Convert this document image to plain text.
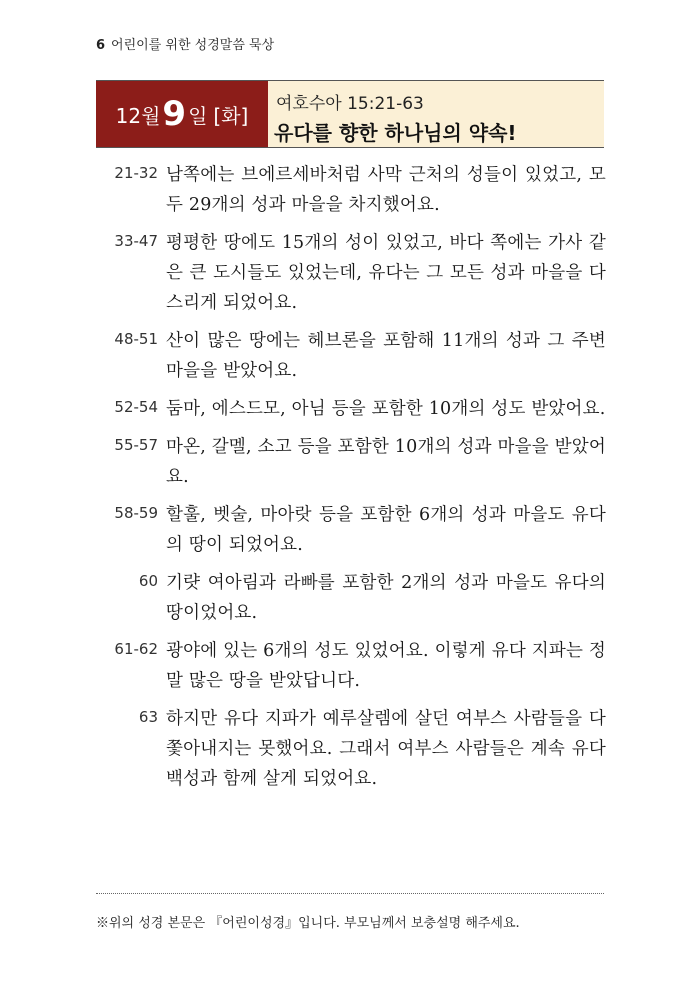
6 어린이를 위한 성경말씀 묵상
12월 9 일 [화] 여호수아 15:21-63
유다를 향한 하나님의 약속!
21-32 남쪽에는 브에르세바처럼 사막 근처의 성들이 있었고, 모두 29개의 성과 마을을 차지했어요.
33-47 평평한 땅에도 15개의 성이 있었고, 바다 쪽에는 가사 같은 큰 도시들도 있었는데, 유다는 그 모든 성과 마을을 다스리게 되었어요.
48-51 산이 많은 땅에는 헤브론을 포함해 11개의 성과 그 주변 마을을 받았어요.
52-54 둠마, 에스드모, 아님 등을 포함한 10개의 성도 받았어요.
55-57 마온, 갈멜, 소고 등을 포함한 10개의 성과 마을을 받았어요.
58-59 할훌, 벳술, 마아랏 등을 포함한 6개의 성과 마을도 유다의 땅이 되었어요.
60 기럇 여아림과 라빠를 포함한 2개의 성과 마을도 유다의 땅이었어요.
61-62 광야에 있는 6개의 성도 있었어요. 이렇게 유다 지파는 정말 많은 땅을 받았답니다.
63 하지만 유다 지파가 예루살렘에 살던 여부스 사람들을 다 쫓아내지는 못했어요. 그래서 여부스 사람들은 계속 유다 백성과 함께 살게 되었어요.
※위의 성경 본문은 『어린이성경』입니다. 부모님께서 보충설명 해주세요.
